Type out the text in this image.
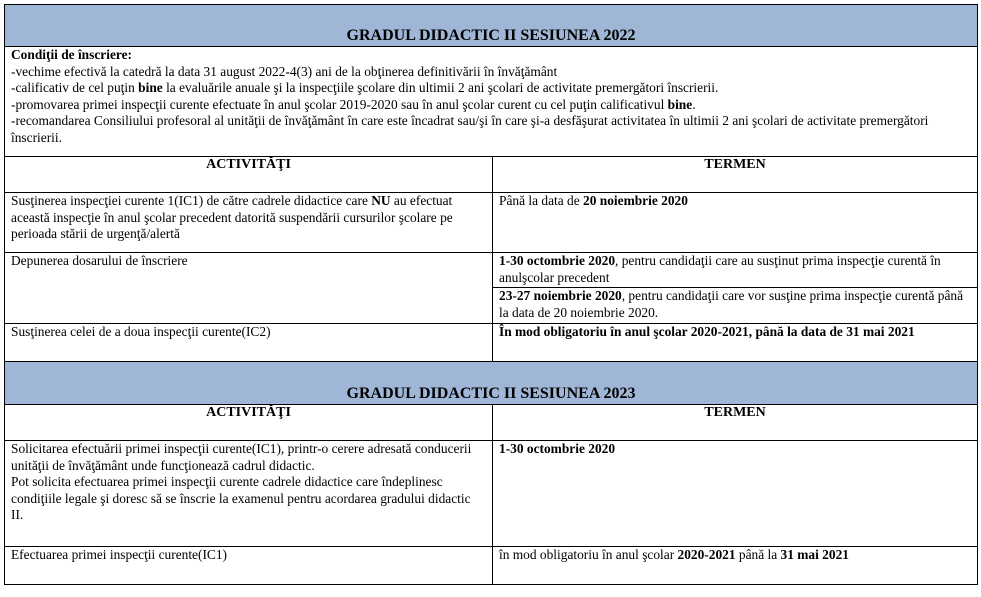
GRADUL DIDACTIC II SESIUNEA 2022	

Condiţii de înscriere:
-vechime efectivă la catedră la data 31 august 2022-4(3) ani de la obţinerea definitivării în învăţământ
-calificativ de cel puţin bine la evaluările anuale şi la inspecţiile şcolare din ultimii 2 ani şcolari de activitate premergători înscrierii.
-promovarea primei inspecţii curente efectuate în anul şcolar 2019-2020 sau în anul şcolar curent cu cel puţin calificativul bine.
-recomandarea Consiliului profesoral al unităţii de învăţământ în care este încadrat sau/şi în care şi-a desfăşurat activitatea în ultimii 2 ani şcolari de activitate premergători înscrierii.	

ACTIVITĂŢI	TERMEN
Susţinerea inspecţiei curente 1(IC1) de către cadrele didactice care NU au efectuat această inspecţie în anul şcolar precedent datorită suspendării cursurilor şcolare pe perioada stării de urgenţă/alertă	Până la data de 20 noiembrie 2020
Depunerea dosarului de înscriere	1-30 octombrie 2020, pentru candidaţii care au susţinut prima inspecţie curentă în anulşcolar precedent
	23-27 noiembrie 2020, pentru candidaţii care vor susţine prima inspecţie curentă până la data de 20 noiembrie 2020.
Susţinerea celei de a doua inspecţii curente(IC2)	În mod obligatoriu în anul şcolar 2020-2021, până la data de 31 mai 2021
GRADUL DIDACTIC II SESIUNEA 2023	
ACTIVITĂŢI	TERMEN

Solicitarea efectuării primei inspecţii curente(IC1), printr-o cerere adresată conducerii unităţii de învăţământ unde funcţionează cadrul didactic.
Pot solicita efectuarea primei inspecţii curente cadrele didactice care îndeplinesc condiţiile legale şi doresc să se înscrie la examenul pentru acordarea gradului didactic II.	1-30 octombrie 2020
Efectuarea primei inspecţii curente(IC1)	în mod obligatoriu în anul şcolar 2020-2021 până la 31 mai 2021
